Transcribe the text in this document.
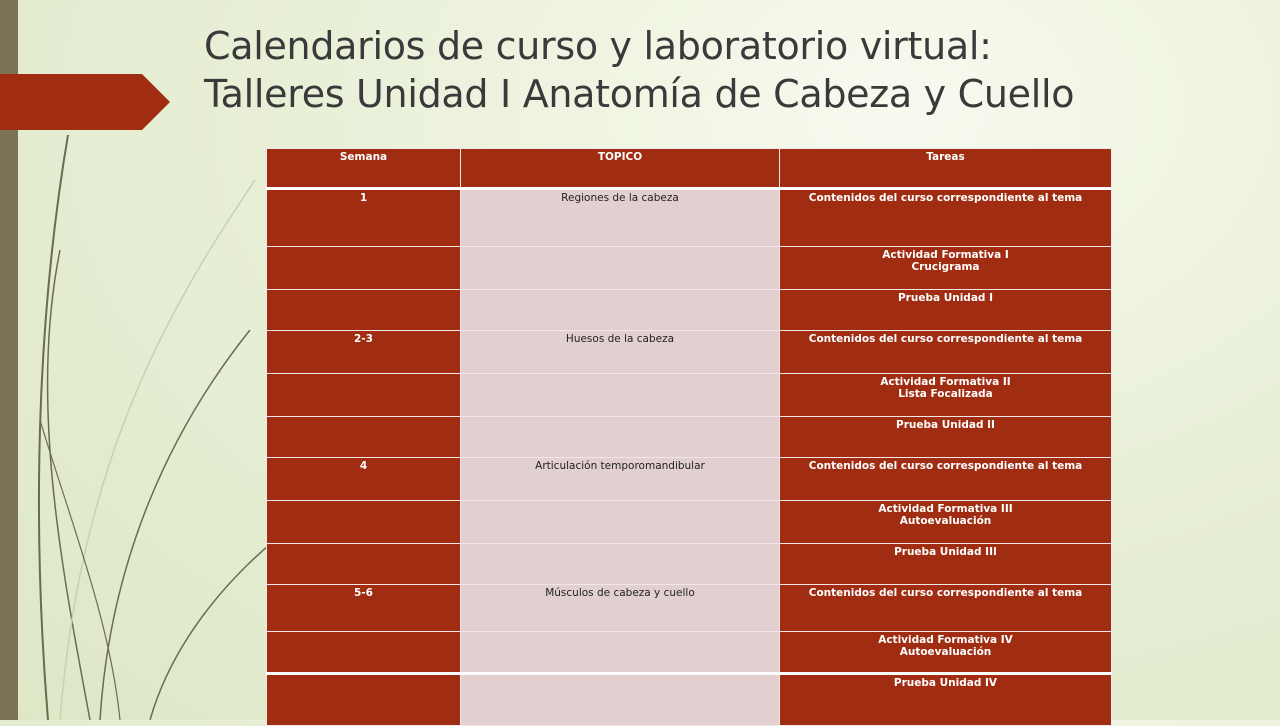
Calendarios de curso y laboratorio virtual:
Talleres Unidad I Anatomía de Cabeza y Cuello
Semana	TOPICO	Tareas
1	Regiones de la cabeza	Contenidos del curso correspondiente al tema

		Actividad Formativa I
Crucigrama

		Prueba Unidad I

2-3	Huesos de la cabeza	Contenidos del curso correspondiente al tema

		Actividad Formativa II
Lista Focalizada

		Prueba Unidad II

4	Articulación temporomandibular	Contenidos del curso correspondiente al tema

		Actividad Formativa III
Autoevaluación

		Prueba Unidad III

5-6	Músculos de cabeza y cuello	Contenidos del curso correspondiente al tema

		Actividad Formativa IV
Autoevaluación

		Prueba Unidad IV
